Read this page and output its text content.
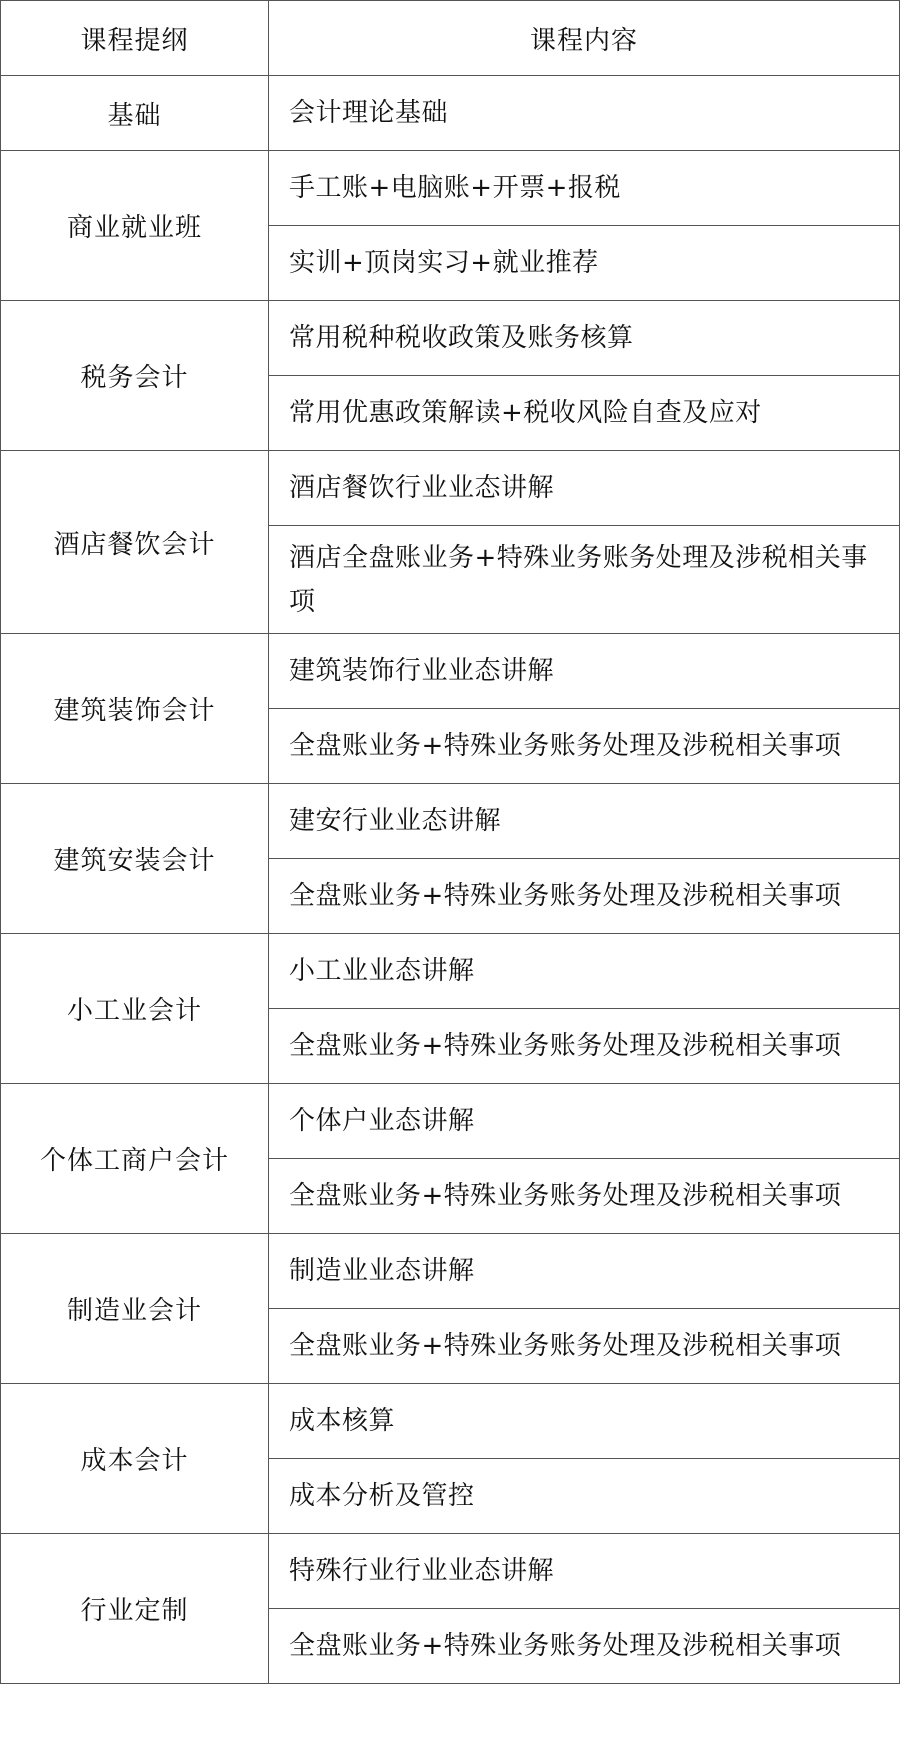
课程提纲	课程内容
基础	会计理论基础
商业就业班	手工账+电脑账+开票+报税
	实训+顶岗实习+就业推荐
税务会计	常用税种税收政策及账务核算
	常用优惠政策解读+税收风险自查及应对
酒店餐饮会计	酒店餐饮行业业态讲解
	酒店全盘账业务+特殊业务账务处理及涉税相关事项
建筑装饰会计	建筑装饰行业业态讲解
	全盘账业务+特殊业务账务处理及涉税相关事项
建筑安装会计	建安行业业态讲解
	全盘账业务+特殊业务账务处理及涉税相关事项
小工业会计	小工业业态讲解
	全盘账业务+特殊业务账务处理及涉税相关事项
个体工商户会计	个体户业态讲解
	全盘账业务+特殊业务账务处理及涉税相关事项
制造业会计	制造业业态讲解
	全盘账业务+特殊业务账务处理及涉税相关事项
成本会计	成本核算
	成本分析及管控
行业定制	特殊行业行业业态讲解
	全盘账业务+特殊业务账务处理及涉税相关事项
